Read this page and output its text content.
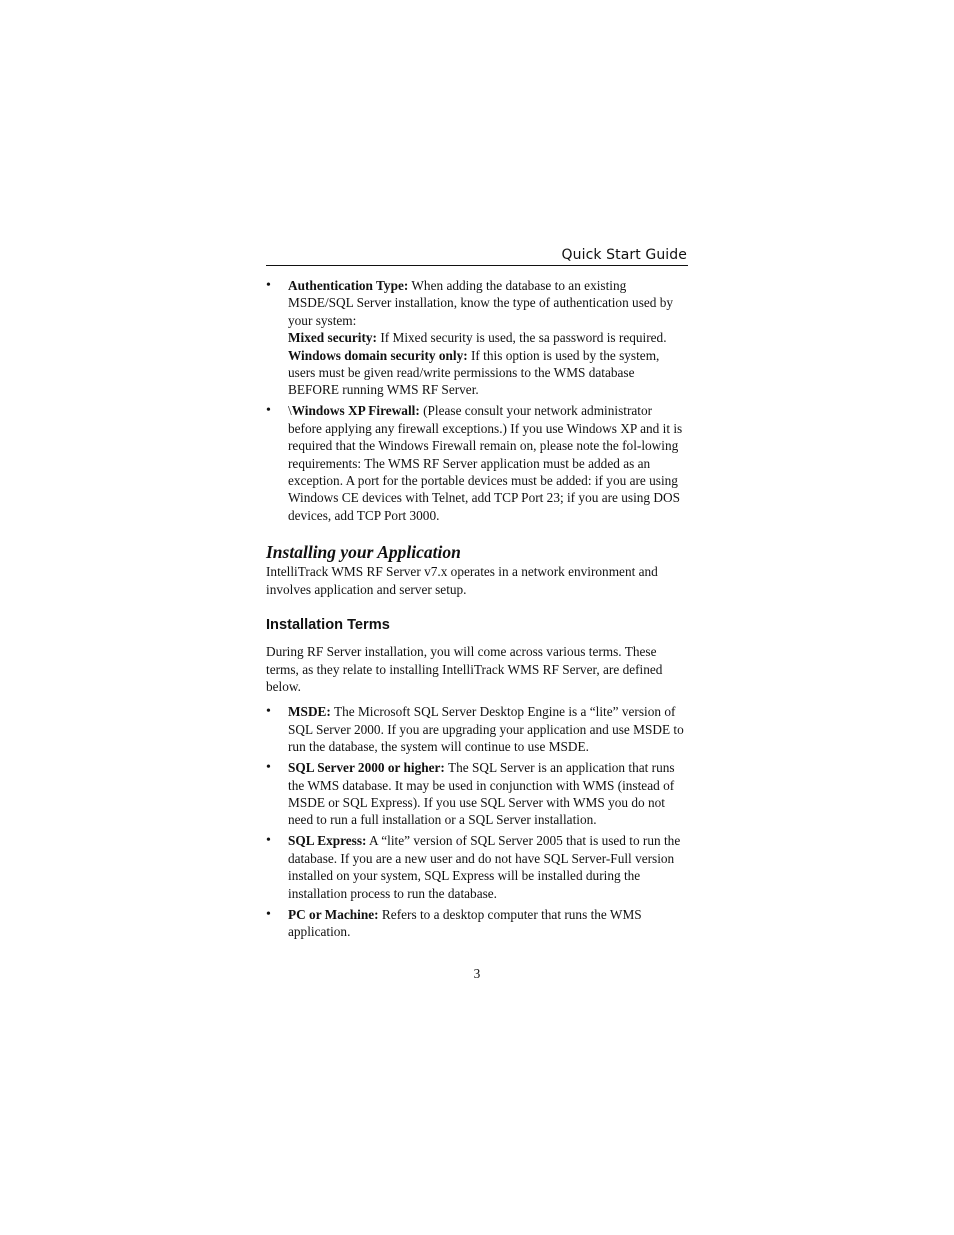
Quick Start Guide
• Authentication Type: When adding the database to an existing MSDE/SQL Server installation, know the type of authentication used by your system:
Mixed security: If Mixed security is used, the sa password is required.
Windows domain security only: If this option is used by the system, users must be given read/write permissions to the WMS database BEFORE running WMS RF Server.
• \Windows XP Firewall: (Please consult your network administrator before applying any firewall exceptions.) If you use Windows XP and it is required that the Windows Firewall remain on, please note the fol-lowing requirements: The WMS RF Server application must be added as an exception. A port for the portable devices must be added: if you are using Windows CE devices with Telnet, add TCP Port 23; if you are using DOS devices, add TCP Port 3000.
Installing your Application

IntelliTrack WMS RF Server v7.x operates in a network environment and involves application and server setup.

Installation Terms

During RF Server installation, you will come across various terms. These terms, as they relate to installing IntelliTrack WMS RF Server, are defined below.

• MSDE: The Microsoft SQL Server Desktop Engine is a “lite” version of SQL Server 2000. If you are upgrading your application and use MSDE to run the database, the system will continue to use MSDE.
• SQL Server 2000 or higher: The SQL Server is an application that runs the WMS database. It may be used in conjunction with WMS (instead of MSDE or SQL Express). If you use SQL Server with WMS you do not need to run a full installation or a SQL Server installation.
• SQL Express: A “lite” version of SQL Server 2005 that is used to run the database. If you are a new user and do not have SQL Server-Full version installed on your system, SQL Express will be installed during the installation process to run the database.
• PC or Machine: Refers to a desktop computer that runs the WMS application.
3
